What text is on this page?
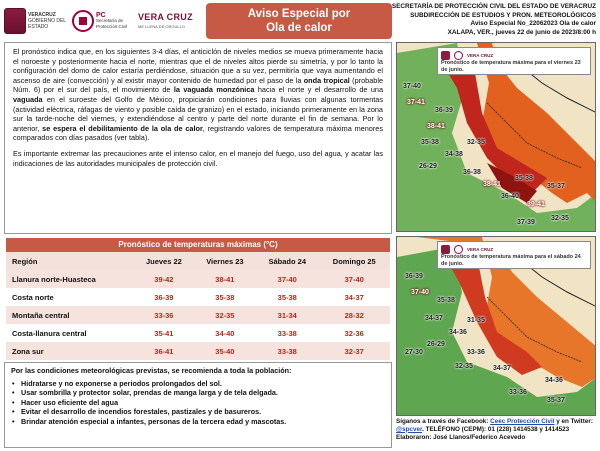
VERACRUZ
GOBIERNO DEL ESTADO
PC
Secretaría de Protección Civil
VERA CRUZ
ME LLENA DE ORGULLO
Aviso Especial por
Ola de calor
SECRETARÍA DE PROTECCIÓN CIVIL DEL ESTADO DE VERACRUZ
SUBDIRECCIÓN DE ESTUDIOS Y PRON. METEOROLÓGICOS
Aviso Especial No_22062023 Ola de calor
XALAPA, VER., jueves 22 de junio de 2023/8:00 h

El pronóstico indica que, en los siguientes 3-4 días, el anticiclón de niveles medios se mueva primeramente hacia el noroeste y posteriormente hacia el norte, mientras que el de niveles altos pierde su simetría, y por lo tanto la configuración del domo de calor estaría perdiéndose, situación que a su vez, permitiría que vaya aumentando el ascenso de aire (convección) y al existir mayor contenido de humedad por el paso de la onda tropical (probable Núm. 6) por el sur del país, el movimiento de la vaguada monzónica hacia el norte y el desarrollo de una vaguada en el suroeste del Golfo de México, propiciarán condiciones para lluvias con algunas tormentas (actividad eléctrica, ráfagas de viento y posible caída de granizo) en el estado, iniciando primeramente en la zona sur la tarde-noche del viernes, y extendiéndose al centro y parte del norte durante el fin de semana. Por lo anterior, se espera el debilitamiento de la ola de calor, registrando valores de temperatura máxima menores comparados con días pasados (ver tabla).

Es importante extremar las precauciones ante el intenso calor, en el manejo del fuego, uso del agua, y acatar las indicaciones de las autoridades municipales de protección civil.

Pronóstico de temperaturas máximas (°C)
Región	Jueves 22	Viernes 23	Sábado 24	Domingo 25
Llanura norte-Huasteca	39-42	38-41	37-40	37-40
Costa norte	36-39	35-38	35-38	34-37
Montaña central	33-36	32-35	31-34	28-32
Costa-llanura central	35-41	34-40	33-38	32-36
Zona sur	36-41	35-40	33-38	32-37
Por las condiciones meteorológicas previstas, se recomienda a toda la población:
• Hidratarse y no exponerse a periodos prolongados del sol.
• Usar sombrilla y protector solar, prendas de manga larga y de tela delgada.
• Hacer uso eficiente del agua
• Evitar el desarrollo de incendios forestales, pastizales y de basureros.
• Brindar atención especial a infantes, personas de la tercera edad y mascotas.
VERA CRUZ
Pronóstico de temperatura máxima para el viernes 23 de junio.
37-40
37-41
36-39
38-41
35-38
34-38
32-35
26-29
36-38
38-41
35-38
36-40
39-41
35-37
32-35
37-39
VERA CRUZ
Pronóstico de temperatura máxima para el sábado 24 de junio.
36-39
37-40
35-38
34-37
34-36
31-35
27-30
26-29
33-36
32-35	34-37
34-36
33-36
35-37
Síganos a través de Facebook: Ceec Protección Civil y en Twitter: @spcver. TELÉFONO (CEPM): 01 (228) 1414538 y 1414523
Elaboraron: José Llanos/Federico Acevedo
